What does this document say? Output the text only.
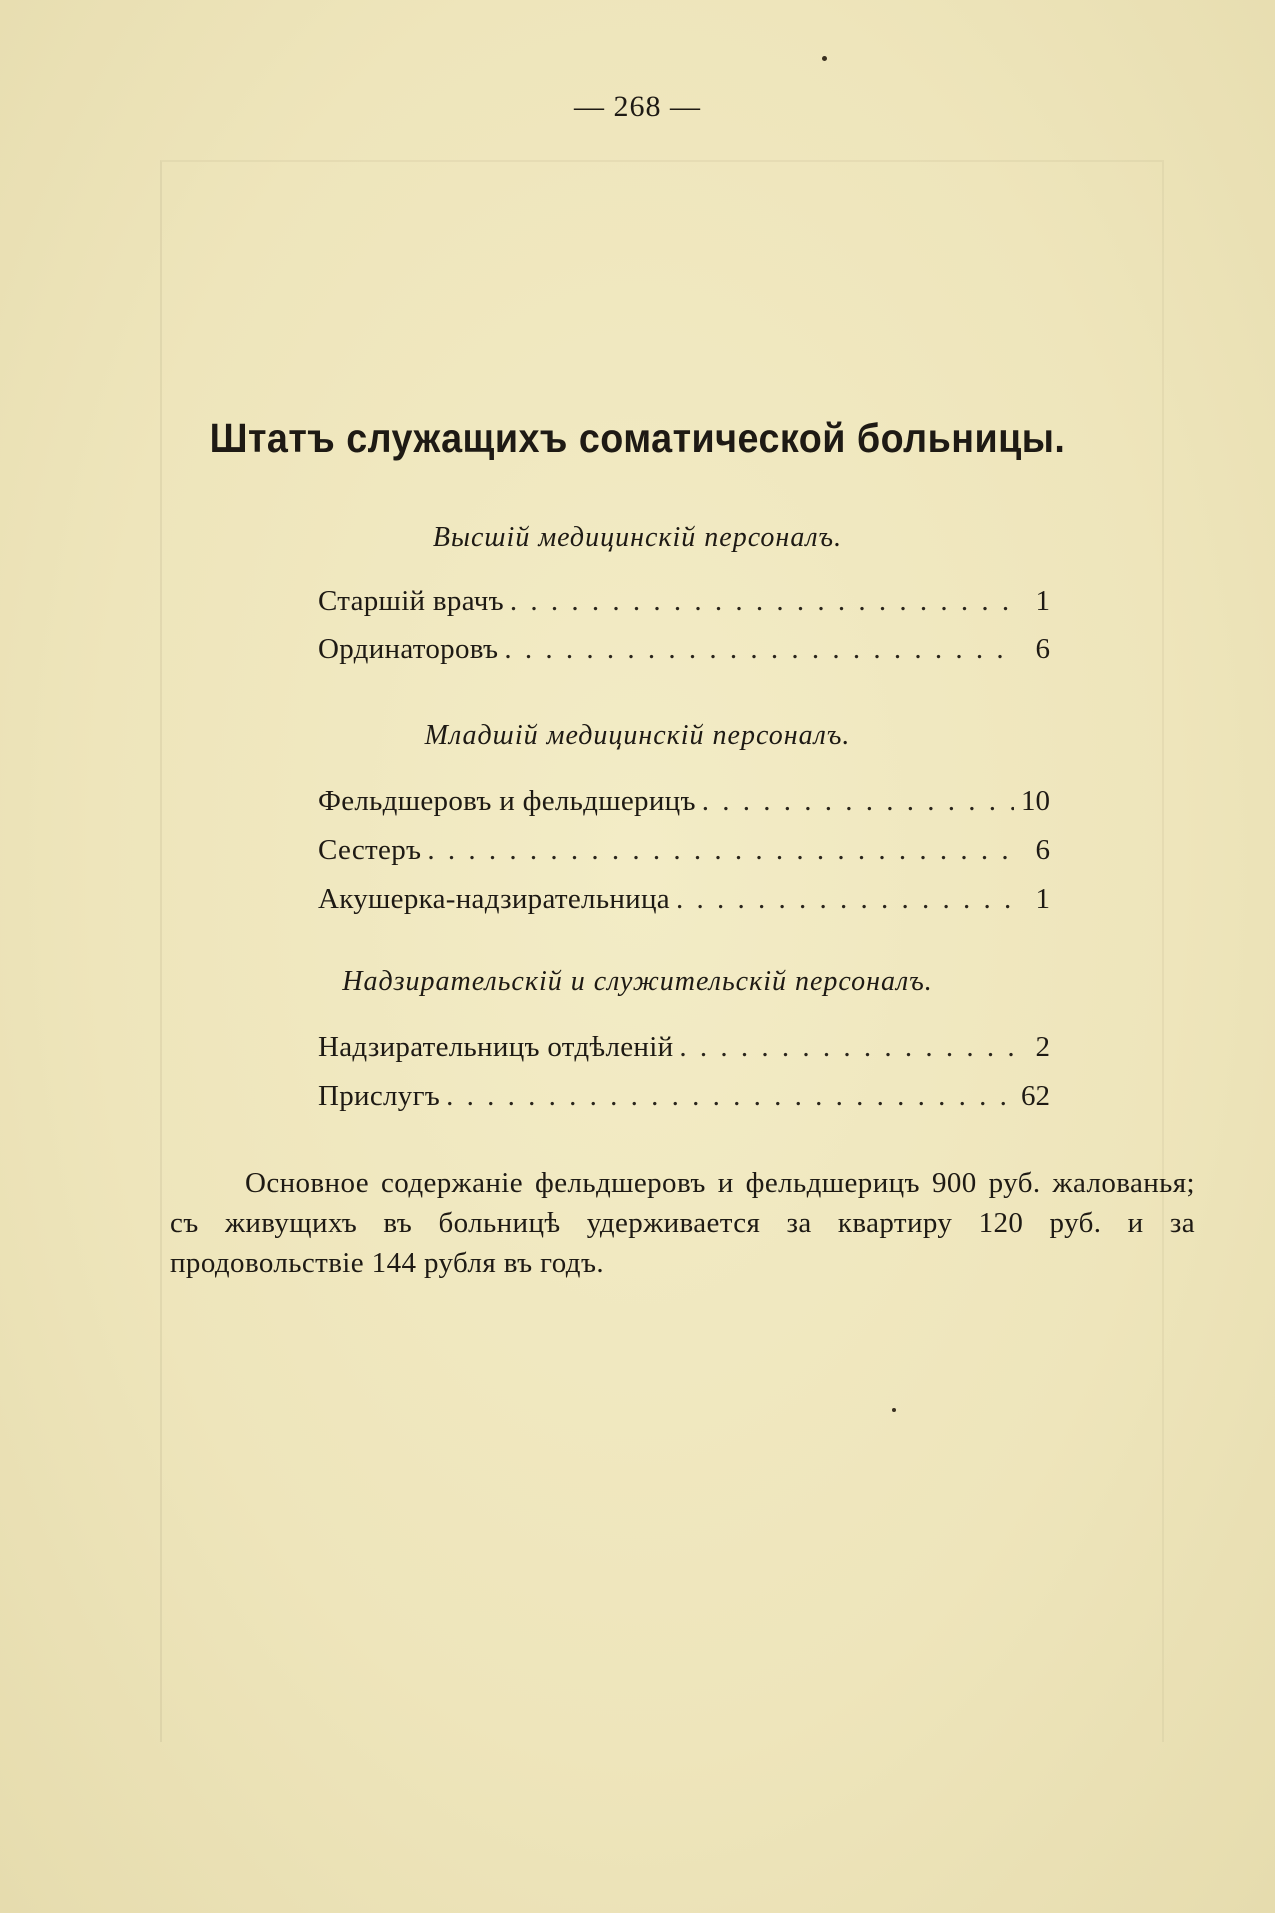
— 268 —
Штатъ служащихъ соматической больницы.
Высшій медицинскій персоналъ.
Старшій врачъ . . .	1
Ординаторовъ . . .	6
Младшій медицинскій персоналъ.
Фельдшеровъ и фельдшерицъ . . .	10
Сестеръ . . .	6
Акушерка-надзирательница . . .	1
Надзирательскій и служительскій персоналъ.
Надзирательницъ отдѣленій . . .	2
Прислугъ . . .	62
Основное содержаніе фельдшеровъ и фельдшерицъ 900 руб. жалованья; съ живущихъ въ больницѣ удерживается за квартиру 120 руб. и за продовольствіе 144 рубля въ годъ.
